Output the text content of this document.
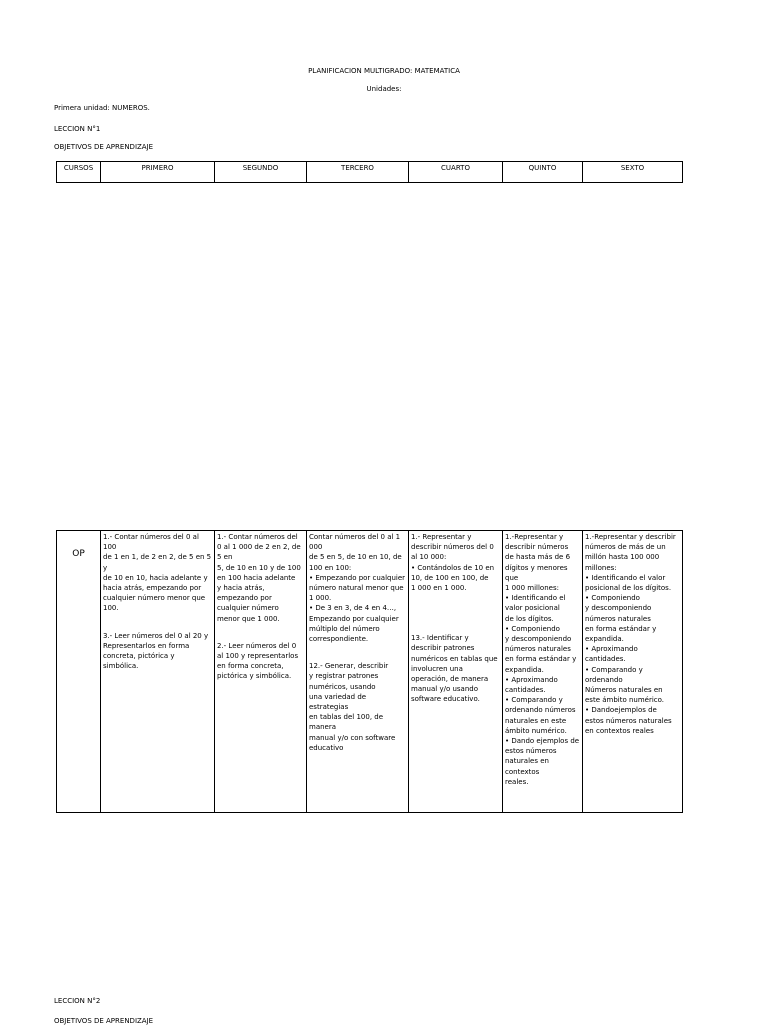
PLANIFICACION MULTIGRADO: MATEMATICA
Unidades:
Primera unidad: NUMEROS.
LECCION N°1
OBJETIVOS DE APRENDIZAJE
CURSOS	PRIMERO	SEGUNDO	TERCERO	CUARTO	QUINTO	SEXTO
OP	
1.- Contar números del 0 al 100
de 1 en 1, de 2 en 2, de 5 en 5 y
de 10 en 10, hacia adelante y
hacia atrás, empezando por
cualquier número menor que
100.
3.- Leer números del 0 al 20 y
Representarlos en forma
concreta, pictórica y simbólica.

1.- Contar números del
0 al 1 000 de 2 en 2, de
5 en
5, de 10 en 10 y de 100
en 100 hacia adelante
y hacia atrás,
empezando por
cualquier número
menor que 1 000.
2.- Leer números del 0
al 100 y representarlos
en forma concreta,
pictórica y simbólica.

Contar números del 0 al 1
000
de 5 en 5, de 10 en 10, de
100 en 100:
• Empezando por cualquier
número natural menor que
1 000.
• De 3 en 3, de 4 en 4…,
Empezando por cualquier
múltiplo del número
correspondiente.
12.- Generar, describir
y registrar patrones
numéricos, usando
una variedad de estrategias
en tablas del 100, de manera
manual y/o con software
educativo

1.- Representar y
describir números del 0
al 10 000:
• Contándolos de 10 en
10, de 100 en 100, de
1 000 en 1 000.
13.- Identificar y
describir patrones
numéricos en tablas que
involucren una
operación, de manera
manual y/o usando
software educativo.

1.-Representar y
describir números
de hasta más de 6
dígitos y menores que
1 000 millones:
• Identificando el
valor posicional
de los dígitos.
• Componiendo
y descomponiendo
números naturales
en forma estándar y
expandida.
• Aproximando
cantidades.
• Comparando y
ordenando números
naturales en este
ámbito numérico.
• Dando ejemplos de
estos números
naturales en
contextos
reales.

1.-Representar y describir
números de más de un
millón hasta 100 000
millones:
• Identificando el valor
posicional de los dígitos.
• Componiendo
y descomponiendo
números naturales
en forma estándar y
expandida.
• Aproximando cantidades.
• Comparando y
ordenando
Números naturales en
este ámbito numérico.
• Dandoejemplos de
estos números naturales
en contextos reales
LECCION N°2
OBJETIVOS DE APRENDIZAJE
